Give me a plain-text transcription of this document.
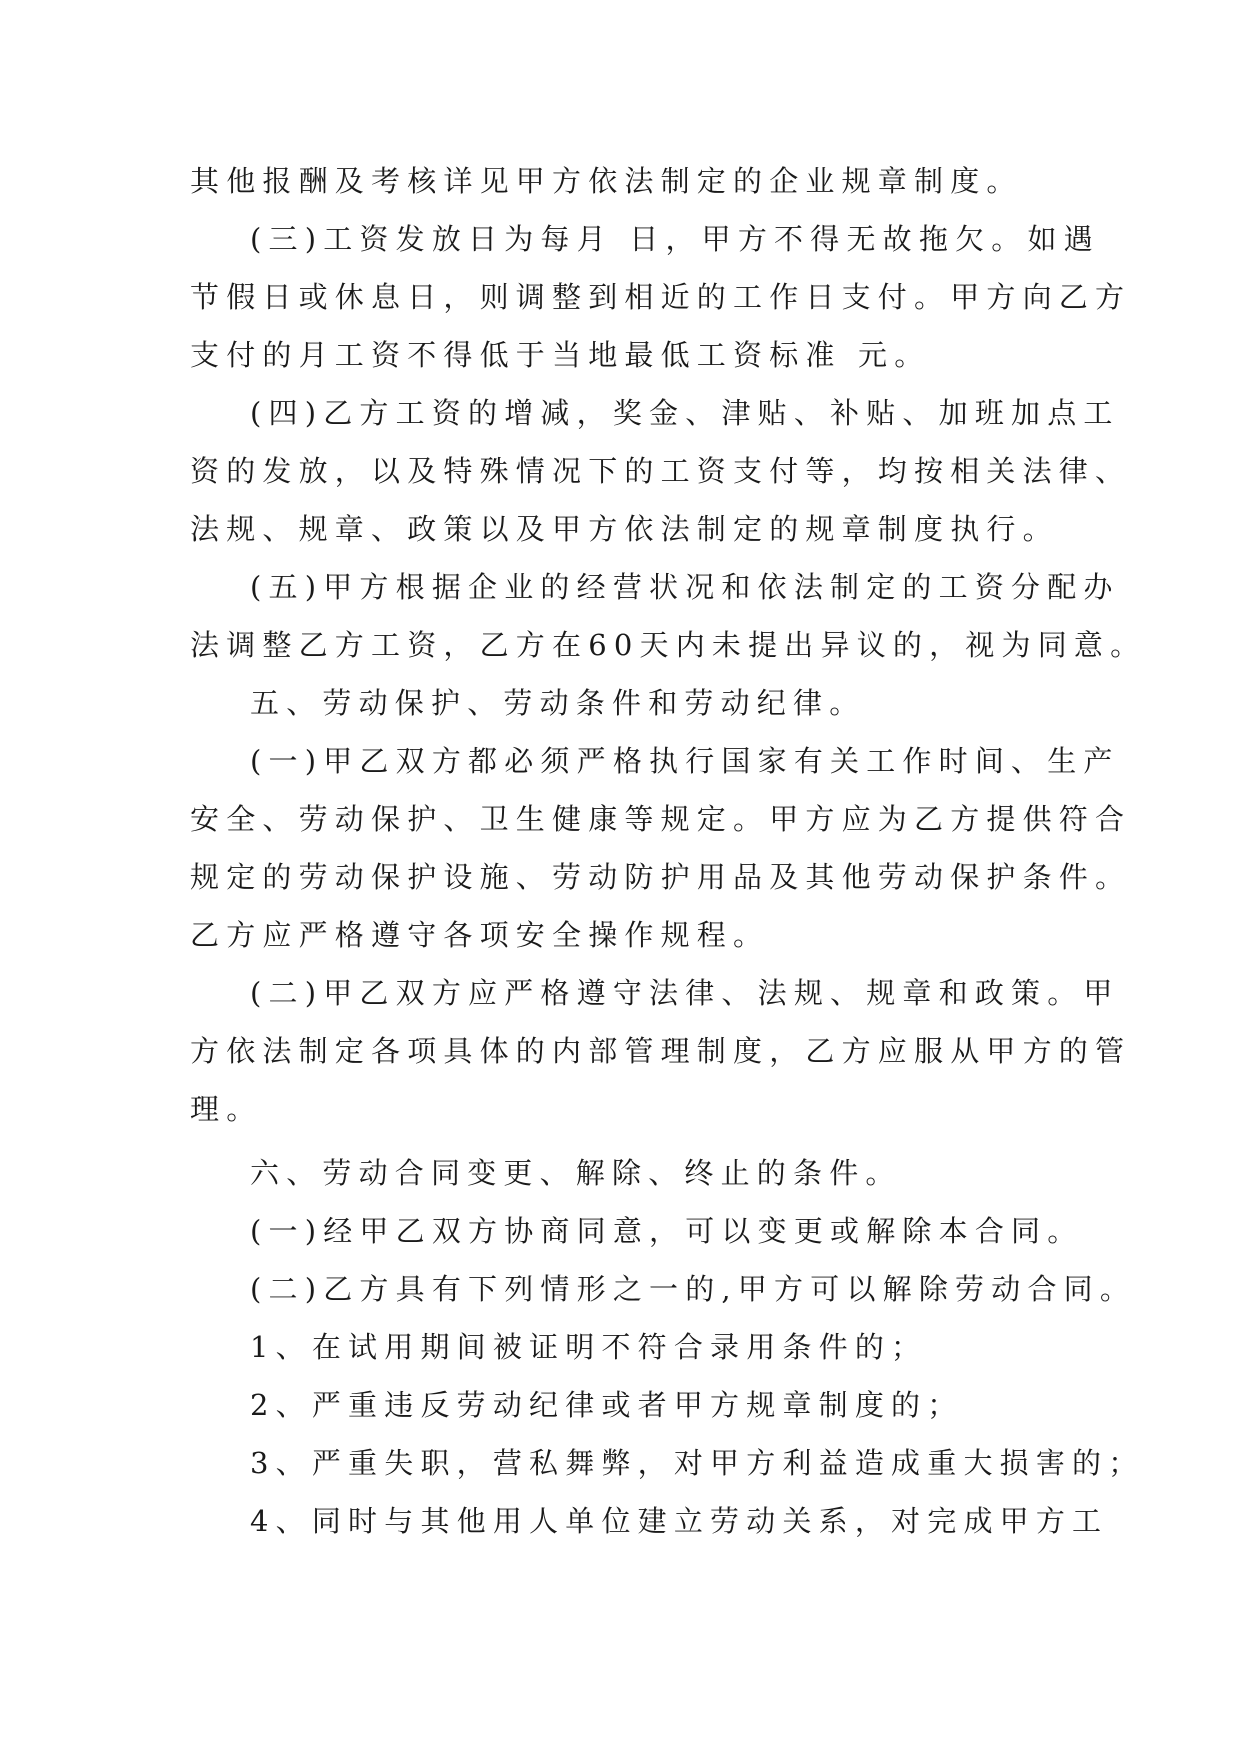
其他报酬及考核详见甲方依法制定的企业规章制度。
(三)工资发放日为每月 日，甲方不得无故拖欠。如遇
节假日或休息日，则调整到相近的工作日支付。甲方向乙方
支付的月工资不得低于当地最低工资标准 元。
(四)乙方工资的增减，奖金、津贴、补贴、加班加点工
资的发放，以及特殊情况下的工资支付等，均按相关法律、
法规、规章、政策以及甲方依法制定的规章制度执行。
(五)甲方根据企业的经营状况和依法制定的工资分配办
法调整乙方工资，乙方在60天内未提出异议的，视为同意。
五、劳动保护、劳动条件和劳动纪律。
(一)甲乙双方都必须严格执行国家有关工作时间、生产
安全、劳动保护、卫生健康等规定。甲方应为乙方提供符合
规定的劳动保护设施、劳动防护用品及其他劳动保护条件。
乙方应严格遵守各项安全操作规程。
(二)甲乙双方应严格遵守法律、法规、规章和政策。甲
方依法制定各项具体的内部管理制度，乙方应服从甲方的管
理。
六、劳动合同变更、解除、终止的条件。
(一)经甲乙双方协商同意，可以变更或解除本合同。
(二)乙方具有下列情形之一的,甲方可以解除劳动合同。
1、在试用期间被证明不符合录用条件的；
2、严重违反劳动纪律或者甲方规章制度的；
3、严重失职，营私舞弊，对甲方利益造成重大损害的；
4、同时与其他用人单位建立劳动关系，对完成甲方工
